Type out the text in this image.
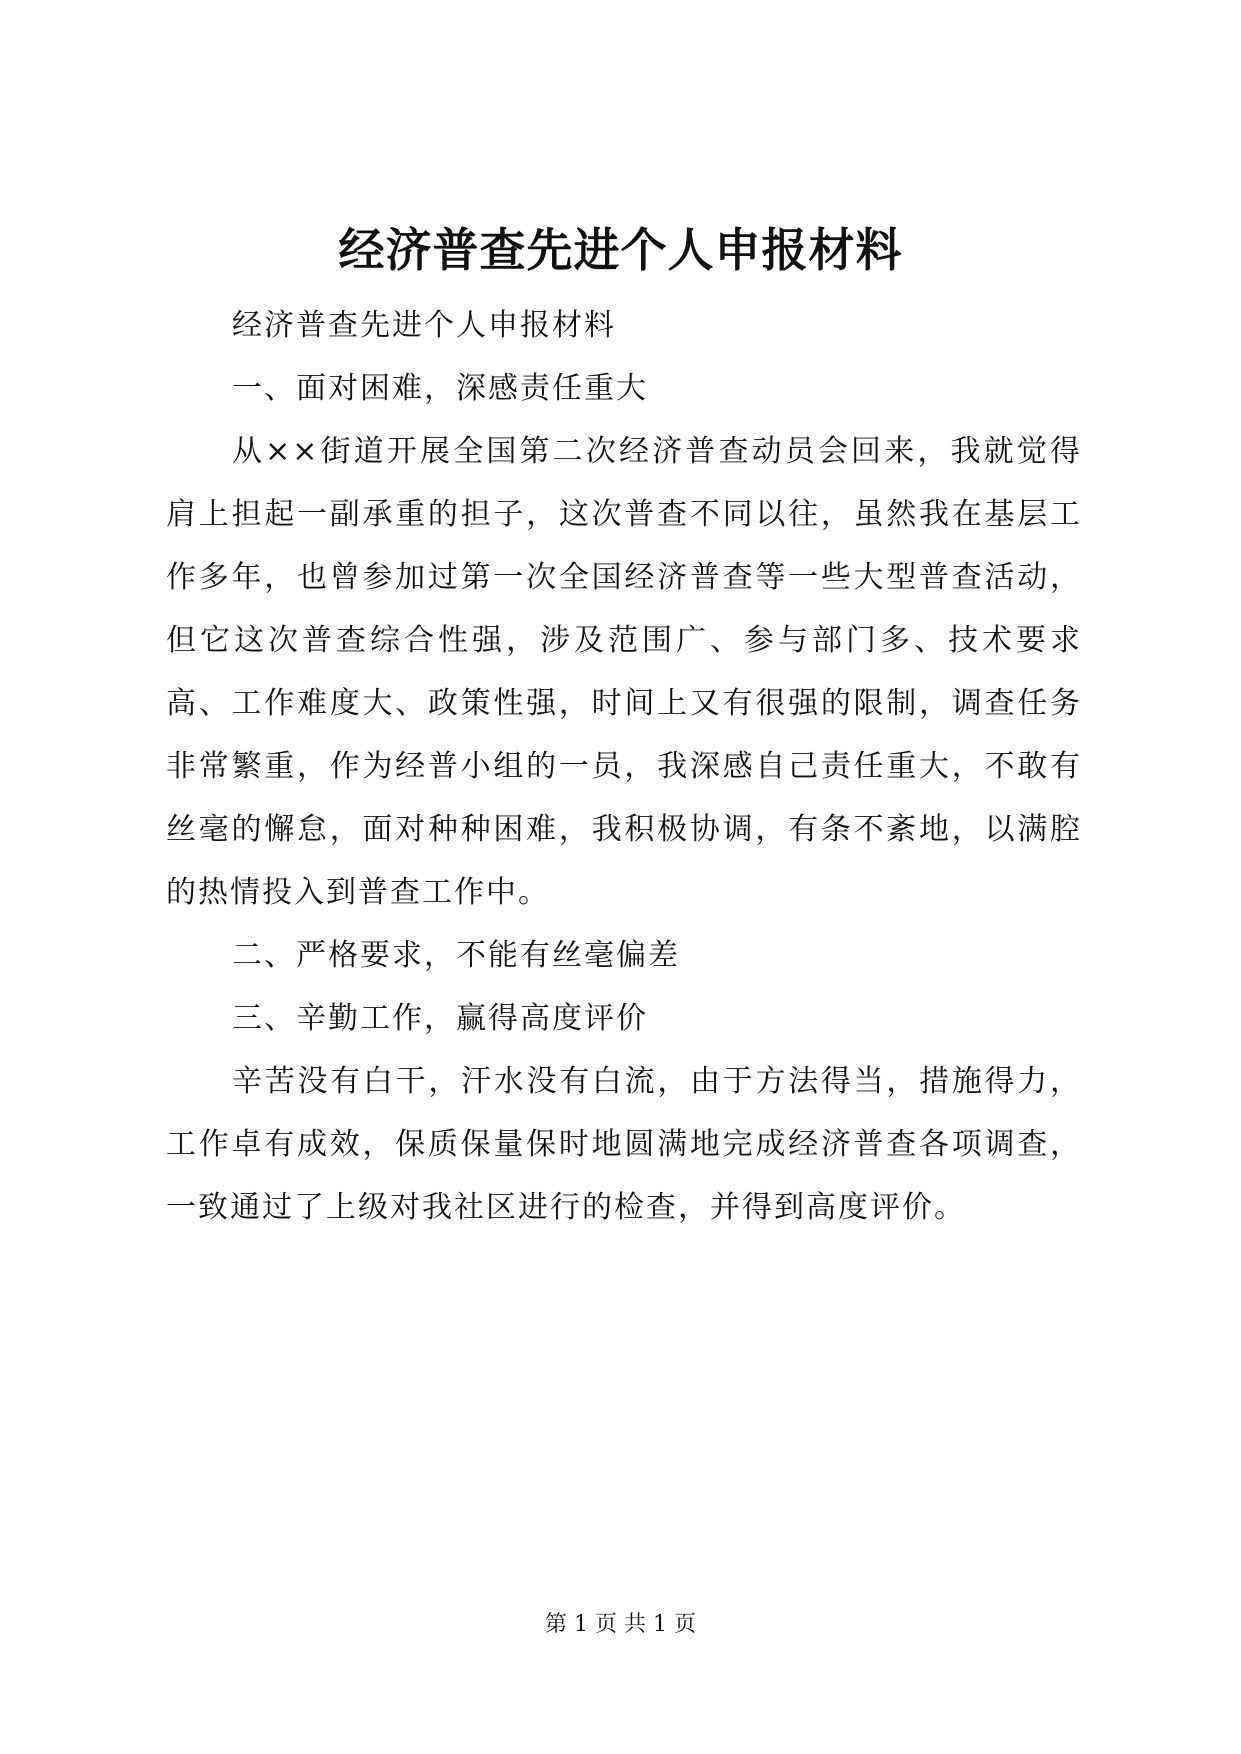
经济普查先进个人申报材料

经济普查先进个人申报材料

一、面对困难，深感责任重大

从××街道开展全国第二次经济普查动员会回来，我就觉得肩上担起一副承重的担子，这次普查不同以往，虽然我在基层工作多年，也曾参加过第一次全国经济普查等一些大型普查活动，但它这次普查综合性强，涉及范围广、参与部门多、技术要求高、工作难度大、政策性强，时间上又有很强的限制，调查任务非常繁重，作为经普小组的一员，我深感自己责任重大，不敢有丝毫的懈怠，面对种种困难，我积极协调，有条不紊地，以满腔的热情投入到普查工作中。

二、严格要求，不能有丝毫偏差

三、辛勤工作，赢得高度评价

辛苦没有白干，汗水没有白流，由于方法得当，措施得力，工作卓有成效，保质保量保时地圆满地完成经济普查各项调查，一致通过了上级对我社区进行的检查，并得到高度评价。

第 1 页 共 1 页
